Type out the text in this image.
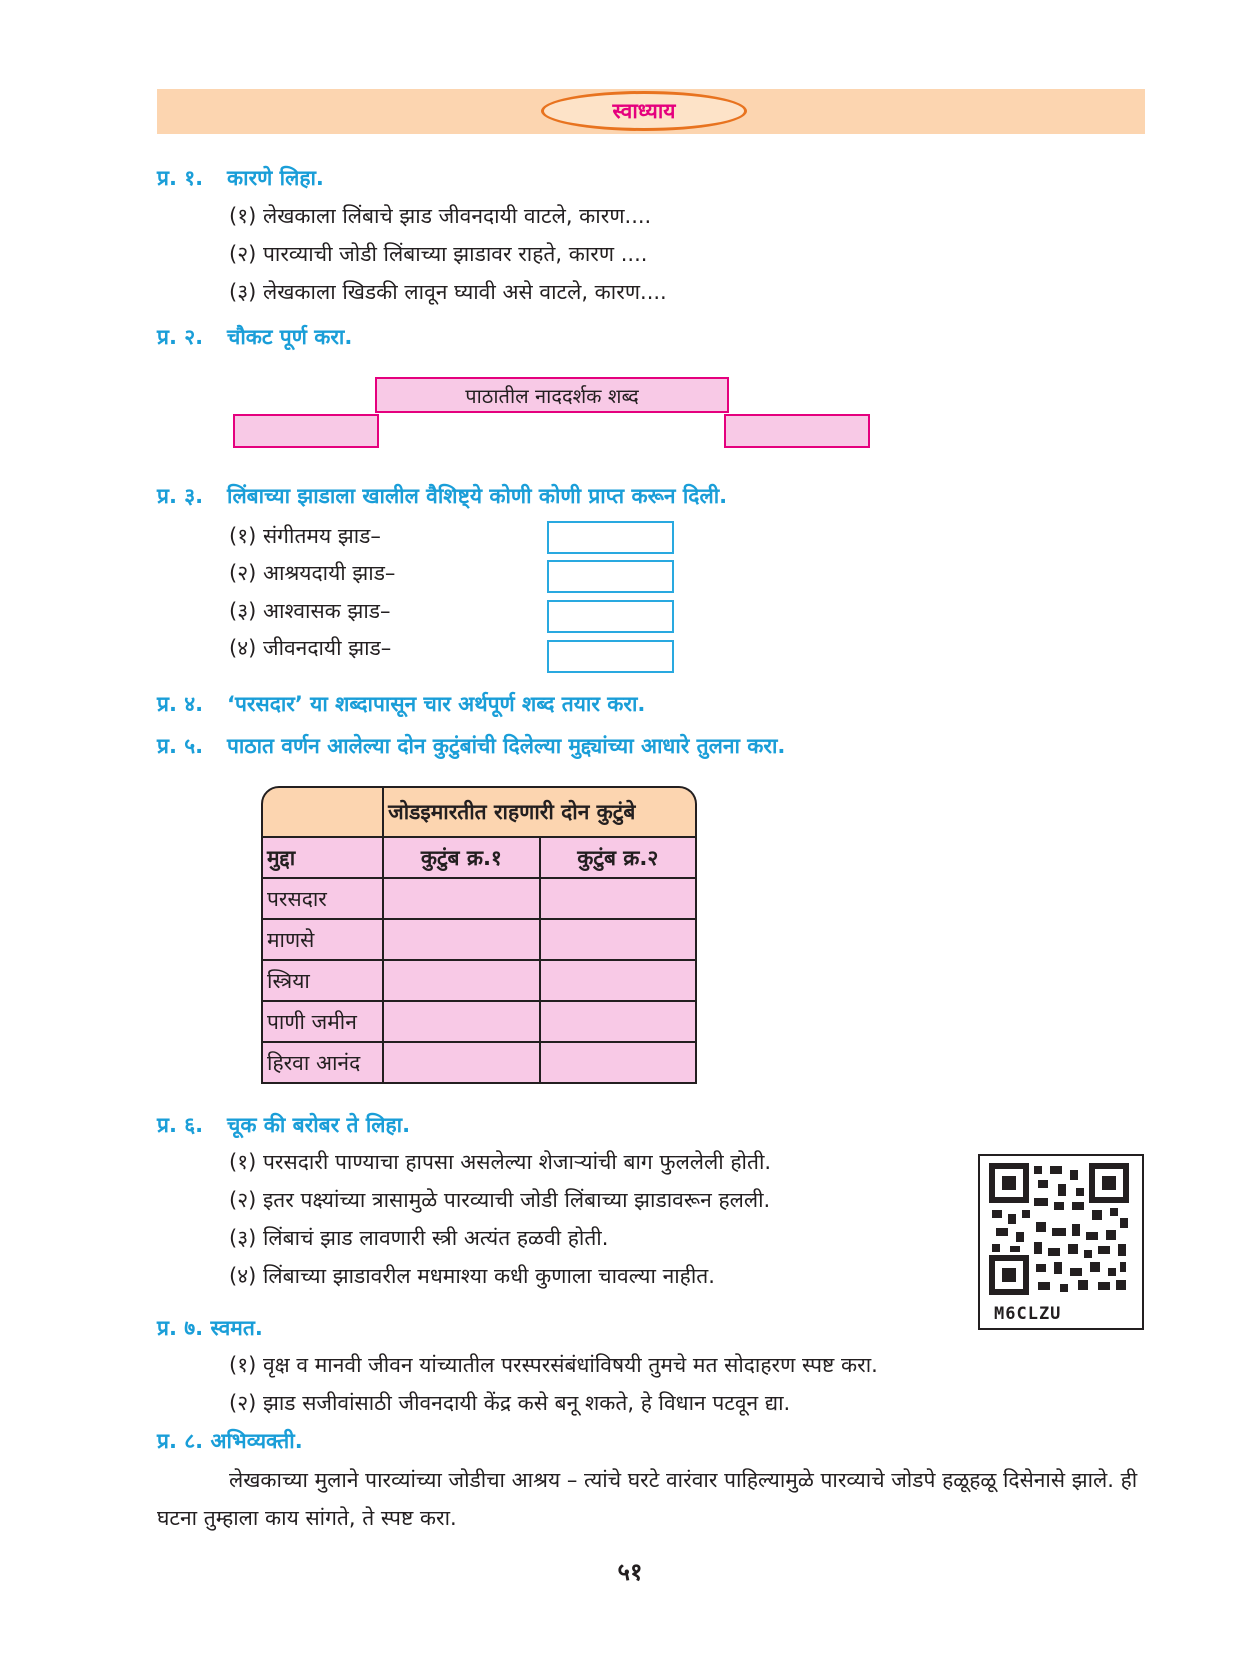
स्वाध्याय
प्र. १. कारणे लिहा.
(१) लेखकाला लिंबाचे झाड जीवनदायी वाटले, कारण....
(२) पारव्याची जोडी लिंबाच्या झाडावर राहते, कारण ....
(३) लेखकाला खिडकी लावून घ्यावी असे वाटले, कारण....
प्र. २. चौकट पूर्ण करा.
पाठातील नाददर्शक शब्द
प्र. ३. लिंबाच्या झाडाला खालील वैशिष्ट्ये कोणी कोणी प्राप्त करून दिली.
(१) संगीतमय झाड–
(२) आश्रयदायी झाड–
(३) आश्वासक झाड–
(४) जीवनदायी झाड–
प्र. ४. ‘परसदार’ या शब्दापासून चार अर्थपूर्ण शब्द तयार करा.
प्र. ५. पाठात वर्णन आलेल्या दोन कुटुंबांची दिलेल्या मुद्द्यांच्या आधारे तुलना करा.
	जोडइमारतीत राहणारी दोन कुटुंबे	
मुद्दा	कुटुंब क्र.१	कुटुंब क्र.२
परसदार		
माणसे		
स्त्रिया		
पाणी जमीन		
हिरवा आनंद		
प्र. ६. चूक की बरोबर ते लिहा.
(१) परसदारी पाण्याचा हापसा असलेल्या शेजाऱ्यांची बाग फुललेली होती.
(२) इतर पक्ष्यांच्या त्रासामुळे पारव्याची जोडी लिंबाच्या झाडावरून हलली.
(३) लिंबाचं झाड लावणारी स्त्री अत्यंत हळवी होती.
(४) लिंबाच्या झाडावरील मधमाश्या कधी कुणाला चावल्या नाहीत.
M6CLZU
प्र. ७. स्वमत.
(१) वृक्ष व मानवी जीवन यांच्यातील परस्परसंबंधांविषयी तुमचे मत सोदाहरण स्पष्ट करा.
(२) झाड सजीवांसाठी जीवनदायी केंद्र कसे बनू शकते, हे विधान पटवून द्या.
प्र. ८. अभिव्यक्ती.
लेखकाच्या मुलाने पारव्यांच्या जोडीचा आश्रय – त्यांचे घरटे वारंवार पाहिल्यामुळे पारव्याचे जोडपे हळूहळू दिसेनासे झाले. ही घटना तुम्हाला काय सांगते, ते स्पष्ट करा.
५१
